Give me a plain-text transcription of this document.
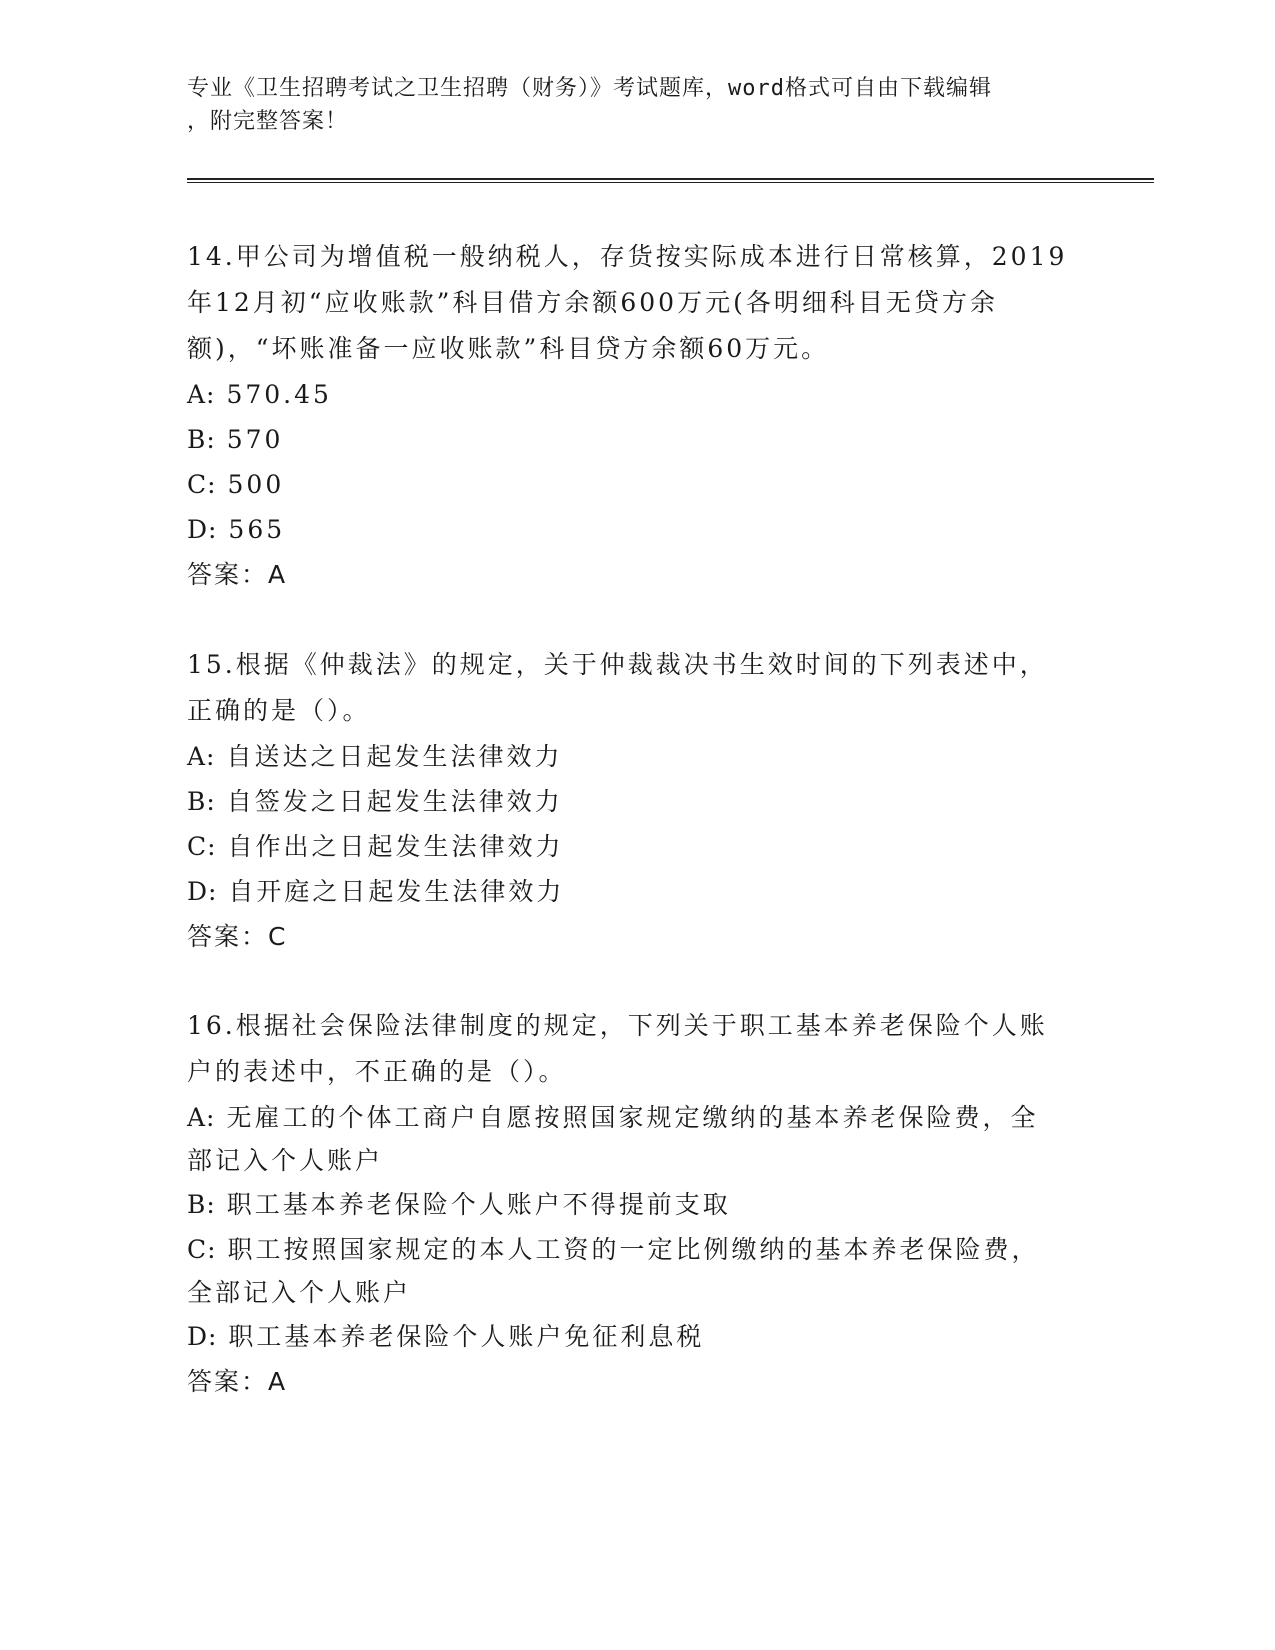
专业《卫生招聘考试之卫生招聘（财务）》考试题库，word格式可自由下载编辑
，附完整答案！

14.甲公司为增值税一般纳税人，存货按实际成本进行日常核算，2019

年12月初“应收账款”科目借方余额600万元(各明细科目无贷方余

额)，“坏账准备一应收账款”科目贷方余额60万元。

A: 570.45

B: 570

C: 500

D: 565

答案：A

15.根据《仲裁法》的规定，关于仲裁裁决书生效时间的下列表述中，

正确的是（）。

A: 自送达之日起发生法律效力

B: 自签发之日起发生法律效力

C: 自作出之日起发生法律效力

D: 自开庭之日起发生法律效力

答案：C

16.根据社会保险法律制度的规定，下列关于职工基本养老保险个人账

户的表述中，不正确的是（）。

A: 无雇工的个体工商户自愿按照国家规定缴纳的基本养老保险费，全

部记入个人账户

B: 职工基本养老保险个人账户不得提前支取

C: 职工按照国家规定的本人工资的一定比例缴纳的基本养老保险费，

全部记入个人账户

D: 职工基本养老保险个人账户免征利息税

答案：A
